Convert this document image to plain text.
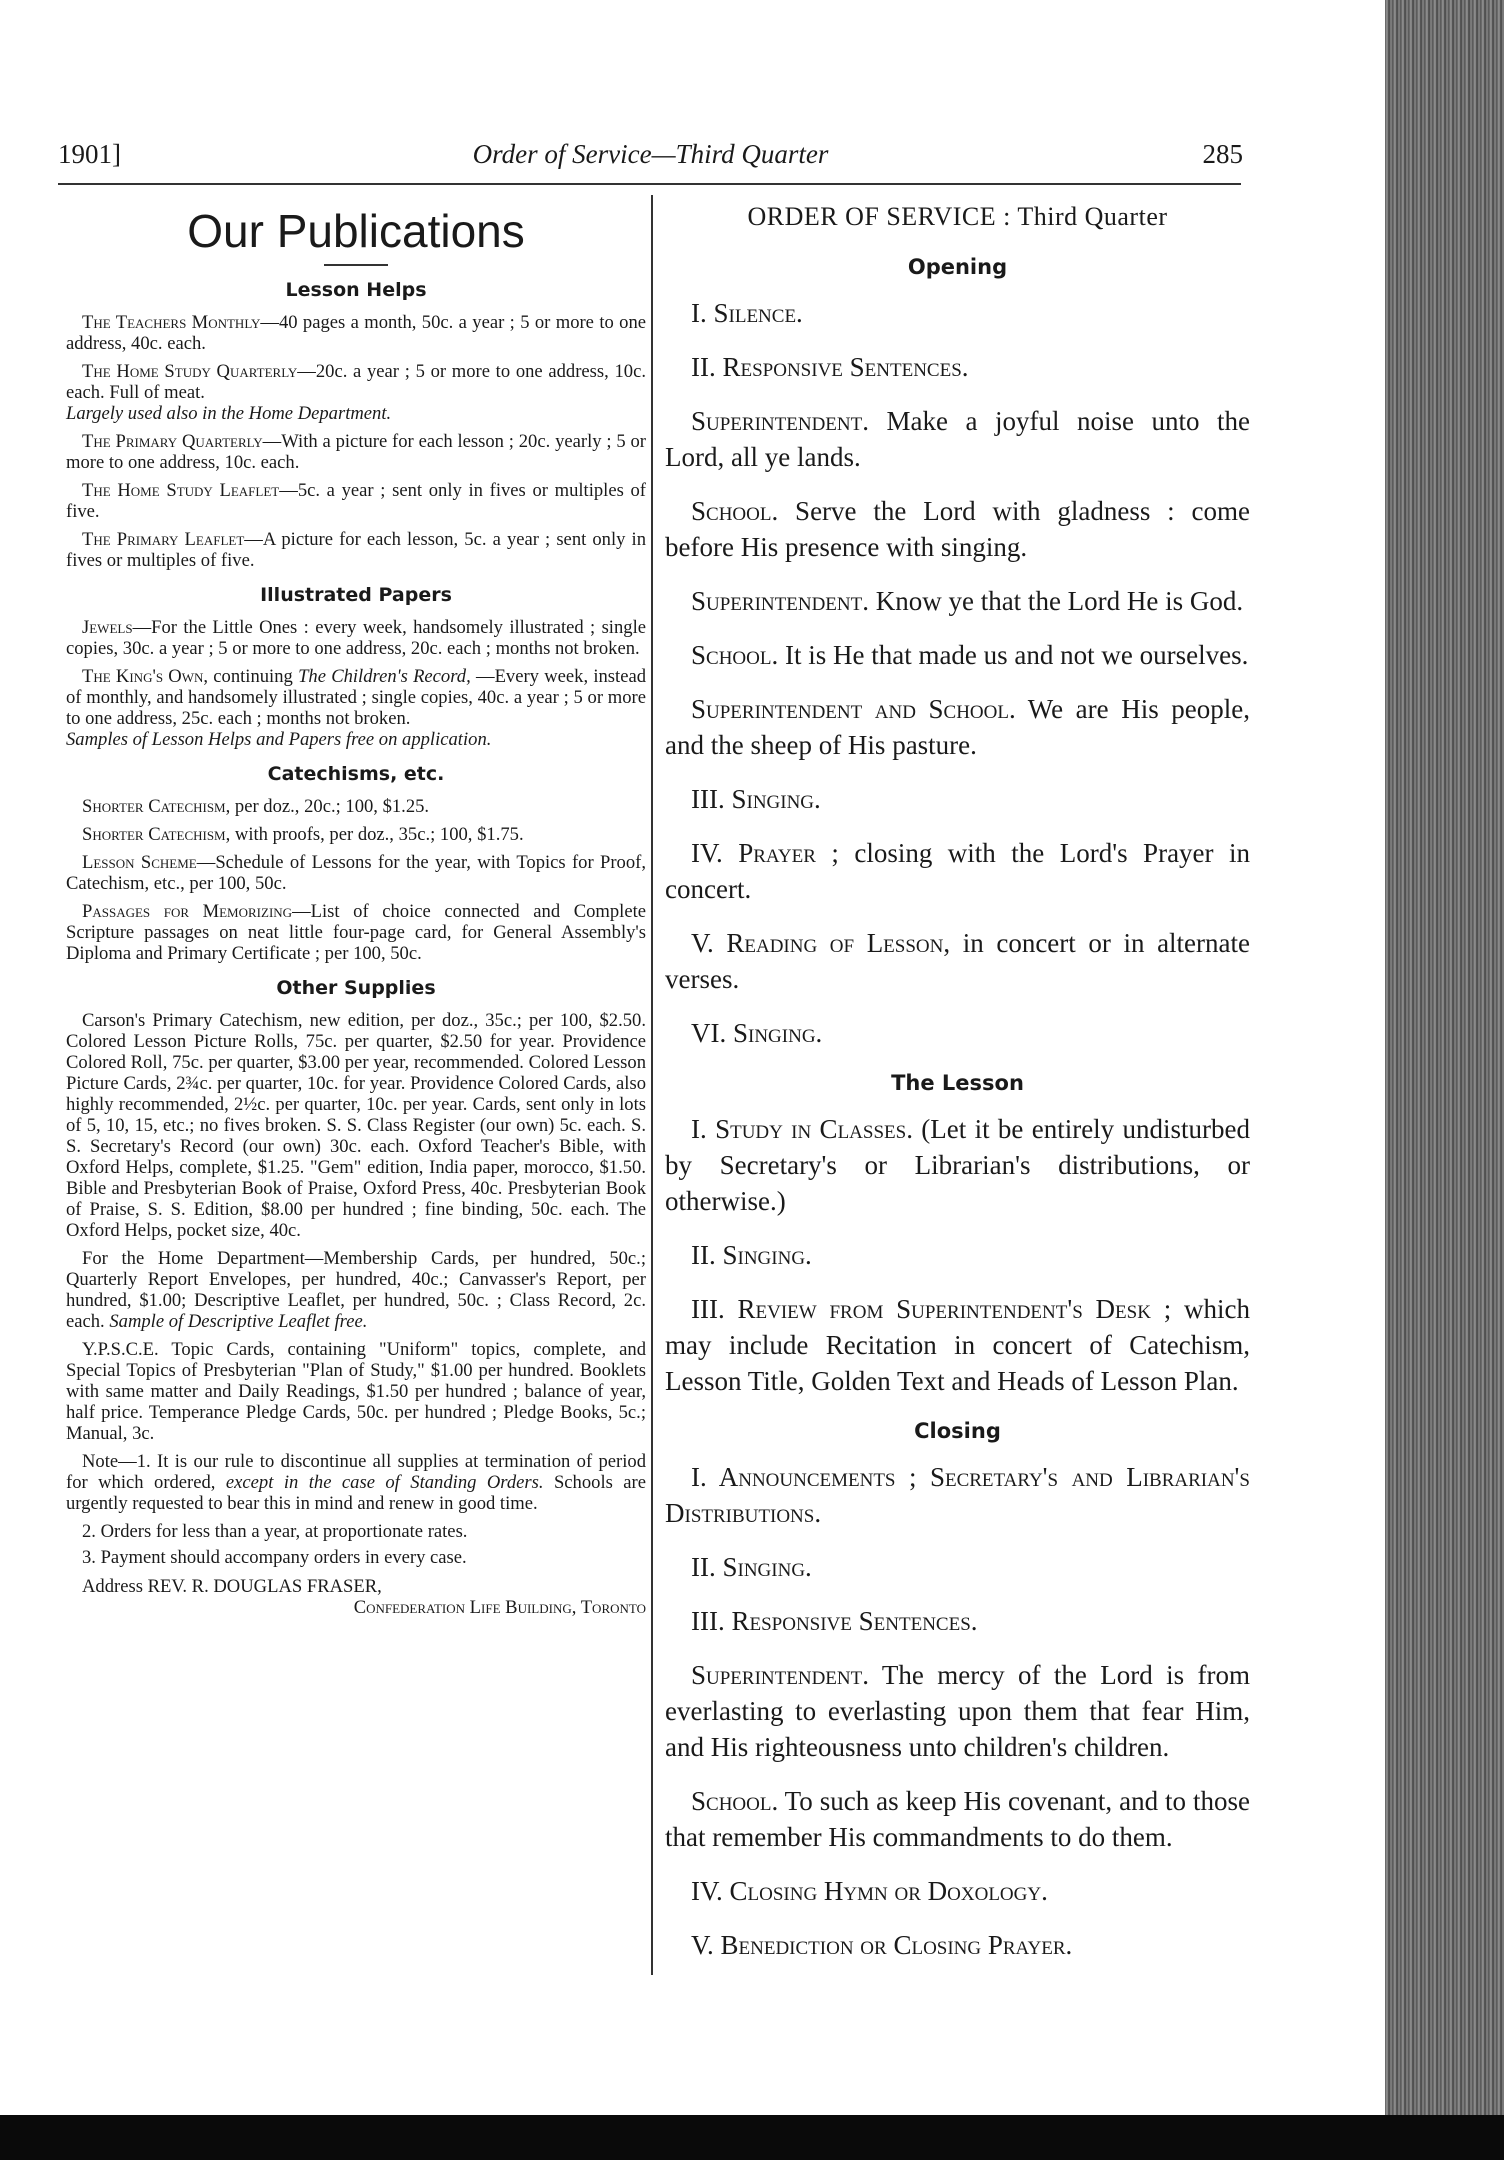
1901]	Order of Service—Third Quarter	285
Our Publications
Lesson Helps

The Teachers Monthly—40 pages a month, 50c. a year ; 5 or more to one address, 40c. each.

The Home Study Quarterly—20c. a year ; 5 or more to one address, 10c. each. Full of meat.

Largely used also in the Home Department.

The Primary Quarterly—With a picture for each lesson ; 20c. yearly ; 5 or more to one address, 10c. each.

The Home Study Leaflet—5c. a year ; sent only in fives or multiples of five.

The Primary Leaflet—A picture for each lesson, 5c. a year ; sent only in fives or multiples of five.

Illustrated Papers

Jewels—For the Little Ones : every week, handsomely illustrated ; single copies, 30c. a year ; 5 or more to one address, 20c. each ; months not broken.

The King's Own, continuing The Children's Record, —Every week, instead of monthly, and handsomely illustrated ; single copies, 40c. a year ; 5 or more to one address, 25c. each ; months not broken.

Samples of Lesson Helps and Papers free on application.

Catechisms, etc.

Shorter Catechism, per doz., 20c.; 100, $1.25.

Shorter Catechism, with proofs, per doz., 35c.; 100, $1.75.

Lesson Scheme—Schedule of Lessons for the year, with Topics for Proof, Catechism, etc., per 100, 50c.

Passages for Memorizing—List of choice connected and Complete Scripture passages on neat little four-page card, for General Assembly's Diploma and Primary Certificate ; per 100, 50c.

Other Supplies

Carson's Primary Catechism, new edition, per doz., 35c.; per 100, $2.50. Colored Lesson Picture Rolls, 75c. per quarter, $2.50 for year. Providence Colored Roll, 75c. per quarter, $3.00 per year, recommended. Colored Lesson Picture Cards, 2¾c. per quarter, 10c. for year. Providence Colored Cards, also highly recommended, 2½c. per quarter, 10c. per year. Cards, sent only in lots of 5, 10, 15, etc.; no fives broken. S. S. Class Register (our own) 5c. each. S. S. Secretary's Record (our own) 30c. each. Oxford Teacher's Bible, with Oxford Helps, complete, $1.25. "Gem" edition, India paper, morocco, $1.50. Bible and Presbyterian Book of Praise, Oxford Press, 40c. Presbyterian Book of Praise, S. S. Edition, $8.00 per hundred ; fine binding, 50c. each. The Oxford Helps, pocket size, 40c.

For the Home Department—Membership Cards, per hundred, 50c.; Quarterly Report Envelopes, per hundred, 40c.; Canvasser's Report, per hundred, $1.00; Descriptive Leaflet, per hundred, 50c. ; Class Record, 2c. each. Sample of Descriptive Leaflet free.

Y.P.S.C.E. Topic Cards, containing "Uniform" topics, complete, and Special Topics of Presbyterian "Plan of Study," $1.00 per hundred. Booklets with same matter and Daily Readings, $1.50 per hundred ; balance of year, half price. Temperance Pledge Cards, 50c. per hundred ; Pledge Books, 5c.; Manual, 3c.

Note—1. It is our rule to discontinue all supplies at termination of period for which ordered, except in the case of Standing Orders. Schools are urgently requested to bear this in mind and renew in good time.

2. Orders for less than a year, at proportionate rates.

3. Payment should accompany orders in every case.

Address REV. R. DOUGLAS FRASER,

Confederation Life Building, Toronto

ORDER OF SERVICE : Third Quarter
Opening

I. Silence.

II. Responsive Sentences.

Superintendent. Make a joyful noise unto the Lord, all ye lands.

School. Serve the Lord with gladness : come before His presence with singing.

Superintendent. Know ye that the Lord He is God.

School. It is He that made us and not we ourselves.

Superintendent and School. We are His people, and the sheep of His pasture.

III. Singing.

IV. Prayer ; closing with the Lord's Prayer in concert.

V. Reading of Lesson, in concert or in alternate verses.

VI. Singing.

The Lesson

I. Study in Classes. (Let it be entirely undisturbed by Secretary's or Librarian's distributions, or otherwise.)

II. Singing.

III. Review from Superintendent's Desk ; which may include Recitation in concert of Catechism, Lesson Title, Golden Text and Heads of Lesson Plan.

Closing

I. Announcements ; Secretary's and Librarian's Distributions.

II. Singing.

III. Responsive Sentences.

Superintendent. The mercy of the Lord is from everlasting to everlasting upon them that fear Him, and His righteousness unto children's children.

School. To such as keep His covenant, and to those that remember His commandments to do them.

IV. Closing Hymn or Doxology.

V. Benediction or Closing Prayer.
